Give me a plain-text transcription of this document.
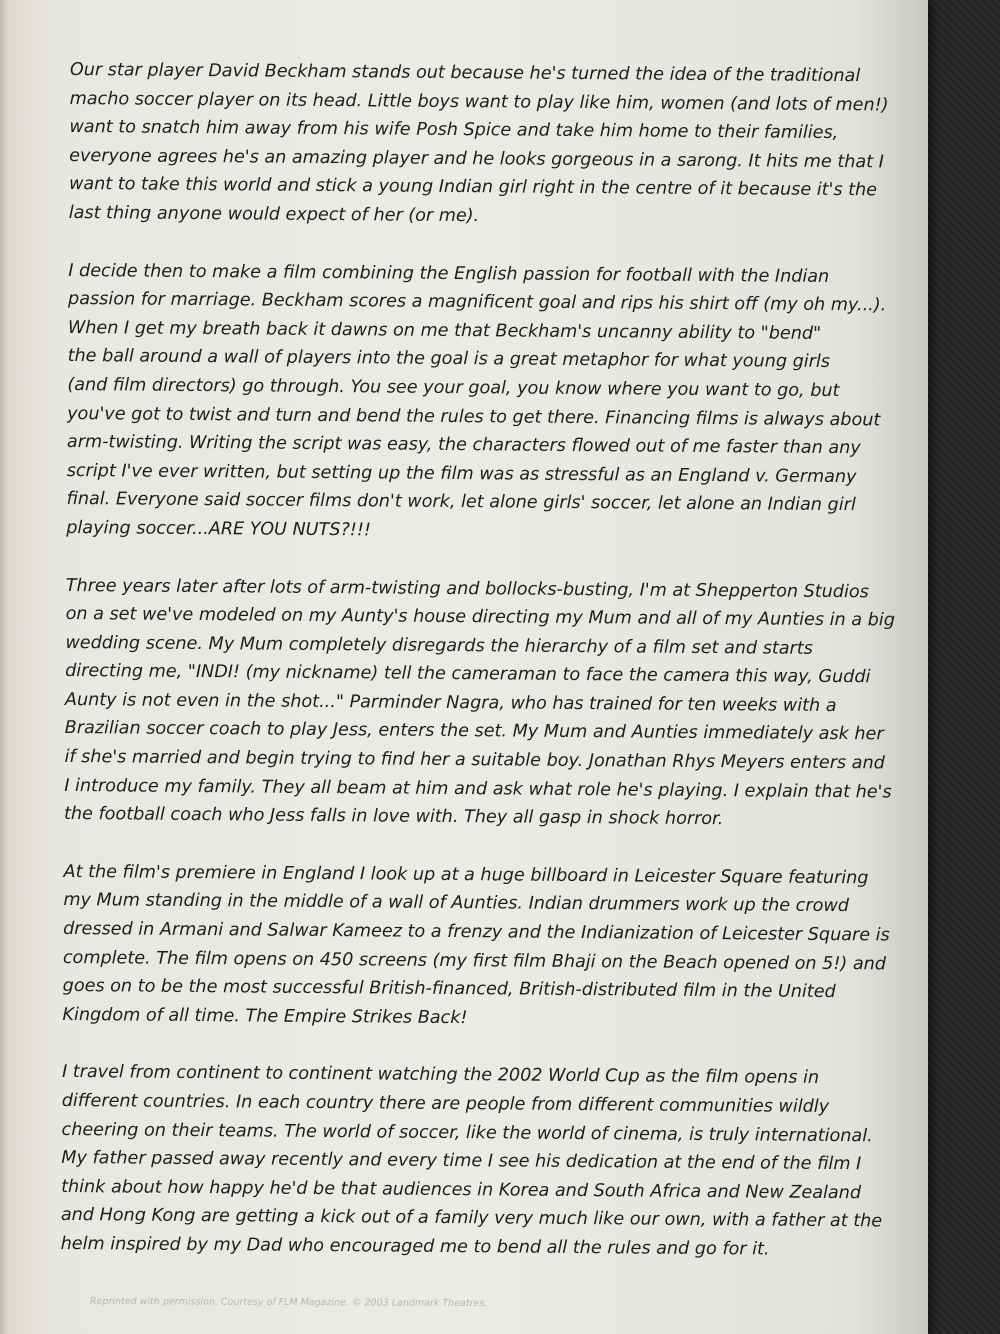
Our star player David Beckham stands out because he's turned the idea of the traditional
macho soccer player on its head. Little boys want to play like him, women (and lots of men!)
want to snatch him away from his wife Posh Spice and take him home to their families,
everyone agrees he's an amazing player and he looks gorgeous in a sarong. It hits me that I
want to take this world and stick a young Indian girl right in the centre of it because it's the
last thing anyone would expect of her (or me).

I decide then to make a film combining the English passion for football with the Indian
passion for marriage. Beckham scores a magnificent goal and rips his shirt off (my oh my...).
When I get my breath back it dawns on me that Beckham's uncanny ability to "bend"
the ball around a wall of players into the goal is a great metaphor for what young girls
(and film directors) go through. You see your goal, you know where you want to go, but
you've got to twist and turn and bend the rules to get there. Financing films is always about
arm-twisting. Writing the script was easy, the characters flowed out of me faster than any
script I've ever written, but setting up the film was as stressful as an England v. Germany
final. Everyone said soccer films don't work, let alone girls' soccer, let alone an Indian girl
playing soccer...ARE YOU NUTS?!!!

Three years later after lots of arm-twisting and bollocks-busting, I'm at Shepperton Studios
on a set we've modeled on my Aunty's house directing my Mum and all of my Aunties in a big
wedding scene. My Mum completely disregards the hierarchy of a film set and starts
directing me, "INDI! (my nickname) tell the cameraman to face the camera this way, Guddi
Aunty is not even in the shot..." Parminder Nagra, who has trained for ten weeks with a
Brazilian soccer coach to play Jess, enters the set. My Mum and Aunties immediately ask her
if she's married and begin trying to find her a suitable boy. Jonathan Rhys Meyers enters and
I introduce my family. They all beam at him and ask what role he's playing. I explain that he's
the football coach who Jess falls in love with. They all gasp in shock horror.

At the film's premiere in England I look up at a huge billboard in Leicester Square featuring
my Mum standing in the middle of a wall of Aunties. Indian drummers work up the crowd
dressed in Armani and Salwar Kameez to a frenzy and the Indianization of Leicester Square is
complete. The film opens on 450 screens (my first film Bhaji on the Beach opened on 5!) and
goes on to be the most successful British-financed, British-distributed film in the United
Kingdom of all time. The Empire Strikes Back!

I travel from continent to continent watching the 2002 World Cup as the film opens in
different countries. In each country there are people from different communities wildly
cheering on their teams. The world of soccer, like the world of cinema, is truly international.
My father passed away recently and every time I see his dedication at the end of the film I
think about how happy he'd be that audiences in Korea and South Africa and New Zealand
and Hong Kong are getting a kick out of a family very much like our own, with a father at the
helm inspired by my Dad who encouraged me to bend all the rules and go for it.

Reprinted with permission. Courtesy of FLM Magazine. © 2003 Landmark Theatres.
